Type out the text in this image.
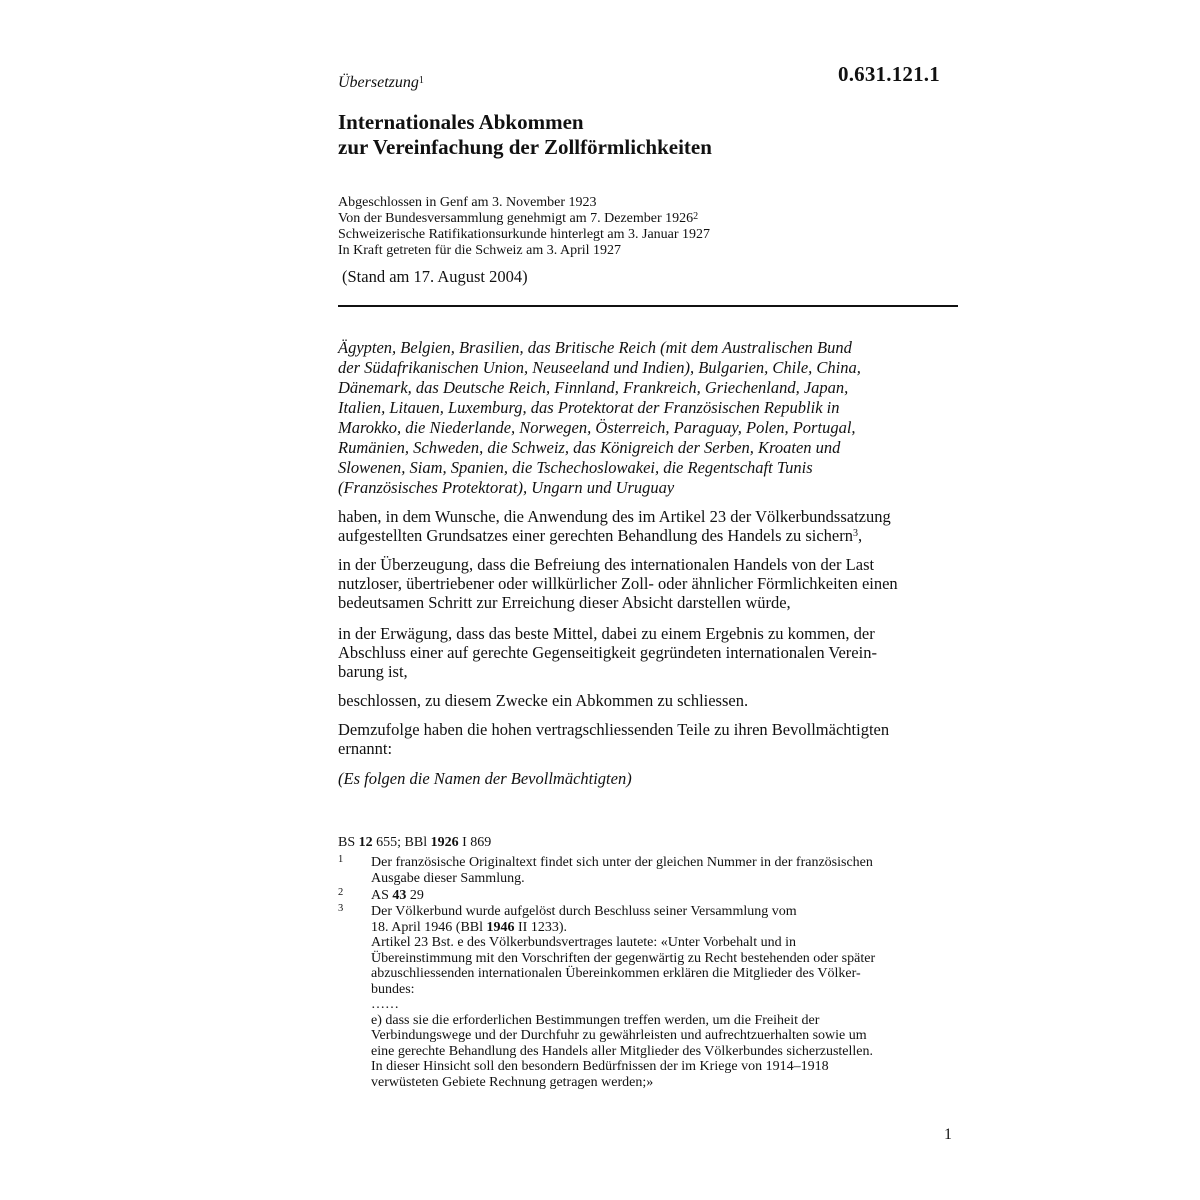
Übersetzung$^1$	0.631.121.1
Internationales Abkommen
zur Vereinfachung der Zollförmlichkeiten
Abgeschlossen in Genf am 3. November 1923
Von der Bundesversammlung genehmigt am 7. Dezember 1926$^2$
Schweizerische Ratifikationsurkunde hinterlegt am 3. Januar 1927
In Kraft getreten für die Schweiz am 3. April 1927
(Stand am 17. August 2004)
Ägypten, Belgien, Brasilien, das Britische Reich (mit dem Australischen Bund
der Südafrikanischen Union, Neuseeland und Indien), Bulgarien, Chile, China,
Dänemark, das Deutsche Reich, Finnland, Frankreich, Griechenland, Japan,
Italien, Litauen, Luxemburg, das Protektorat der Französischen Republik in
Marokko, die Niederlande, Norwegen, Österreich, Paraguay, Polen, Portugal,
Rumänien, Schweden, die Schweiz, das Königreich der Serben, Kroaten und
Slowenen, Siam, Spanien, die Tschechoslowakei, die Regentschaft Tunis
(Französisches Protektorat), Ungarn und Uruguay
haben, in dem Wunsche, die Anwendung des im Artikel 23 der Völkerbundssatzung
aufgestellten Grundsatzes einer gerechten Behandlung des Handels zu sichern$^3$,
in der Überzeugung, dass die Befreiung des internationalen Handels von der Last
nutzloser, übertriebener oder willkürlicher Zoll- oder ähnlicher Förmlichkeiten einen
bedeutsamen Schritt zur Erreichung dieser Absicht darstellen würde,
in der Erwägung, dass das beste Mittel, dabei zu einem Ergebnis zu kommen, der
Abschluss einer auf gerechte Gegenseitigkeit gegründeten internationalen Verein-
barung ist,
beschlossen, zu diesem Zwecke ein Abkommen zu schliessen.
Demzufolge haben die hohen vertragschliessenden Teile zu ihren Bevollmächtigten
ernannt:
(Es folgen die Namen der Bevollmächtigten)
BS 12 655; BBl 1926 I 869
1 Der französische Originaltext findet sich unter der gleichen Nummer in der französischen
Ausgabe dieser Sammlung.
2 AS 43 29
3 Der Völkerbund wurde aufgelöst durch Beschluss seiner Versammlung vom
18. April 1946 (BBl 1946 II 1233).
Artikel 23 Bst. e des Völkerbundsvertrages lautete: «Unter Vorbehalt und in
Übereinstimmung mit den Vorschriften der gegenwärtig zu Recht bestehenden oder später
abzuschliessenden internationalen Übereinkommen erklären die Mitglieder des Völker-
bundes:
……
e) dass sie die erforderlichen Bestimmungen treffen werden, um die Freiheit der
Verbindungswege und der Durchfuhr zu gewährleisten und aufrechtzuerhalten sowie um
eine gerechte Behandlung des Handels aller Mitglieder des Völkerbundes sicherzustellen.
In dieser Hinsicht soll den besondern Bedürfnissen der im Kriege von 1914–1918
verwüsteten Gebiete Rechnung getragen werden;»
1
